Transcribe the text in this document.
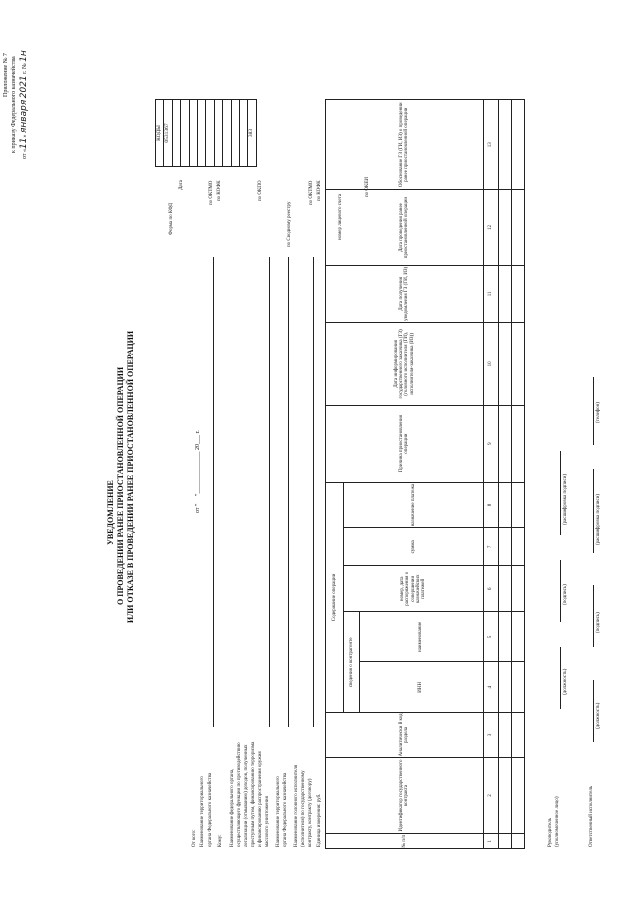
Приложение № 7 к приказу Федерального казначейства
от «11» января 2021 г. № 1н
УВЕДОМЛЕНИЕ О ПРОВЕДЕНИИ РАНЕЕ ПРИОСТАНОВЛЕННОЙ ОПЕРАЦИИ ИЛИ ОТКАЗЕ В ПРОВЕДЕНИИ РАНЕЕ ПРИОСТАНОВЛЕННОЙ ОПЕРАЦИИ	от "     "______________ 20___ г.
КОДЫ
0531367

383
Форма по КФД
Дата	по ОКТМО по КОФК	по ОКПО
по Сводному реестру
по ОКТМО по КОФК
номер лицевого счета
по ОКЕИ
От кого: Наименование территориального органа Федерального казначейства Кому: Наименование федерального органа, осуществляющего функции по противодействию легализации (отмыванию) доходов, полученных преступным путем, финансированию терроризма и финансированию распространения оружия массового уничтожения Наименование территориального органа Федерального казначейства Наименование головного исполнителя (исполнителя) по государственному контракту, контракту (договору) Единица измерения: руб.	№ п/п	Идентификатор государственного контракта	Аналитически й код раздела	Содержание операции					Причина приостановления операции	Дата информирования государственного заказчика (ГЗ) (головного исполнителя (ГИ), исполнителя-заказчика (ИЗ))	Дата получения уведомления ГЗ (ГИ, ИЗ)	Дата проведения ранее приостановленной операции	Обоснование ГЗ (ГИ, ИЗ) о проведении ранее приостановленной операции
			сведения о контрагенте		номер, дата распоряжения о совершении казначейских платежей	сумма	назначение платежа					
			ИНН	наименование								
1	2	3	4	5	6	7	8	9	10	11	12	13

Руководитель (уполномоченное лицо)
(должность)
(подпись)
(расшифровка подписи)
Ответственный исполнитель
(должность)
(подпись)
(расшифровка подписи)
(телефон)
